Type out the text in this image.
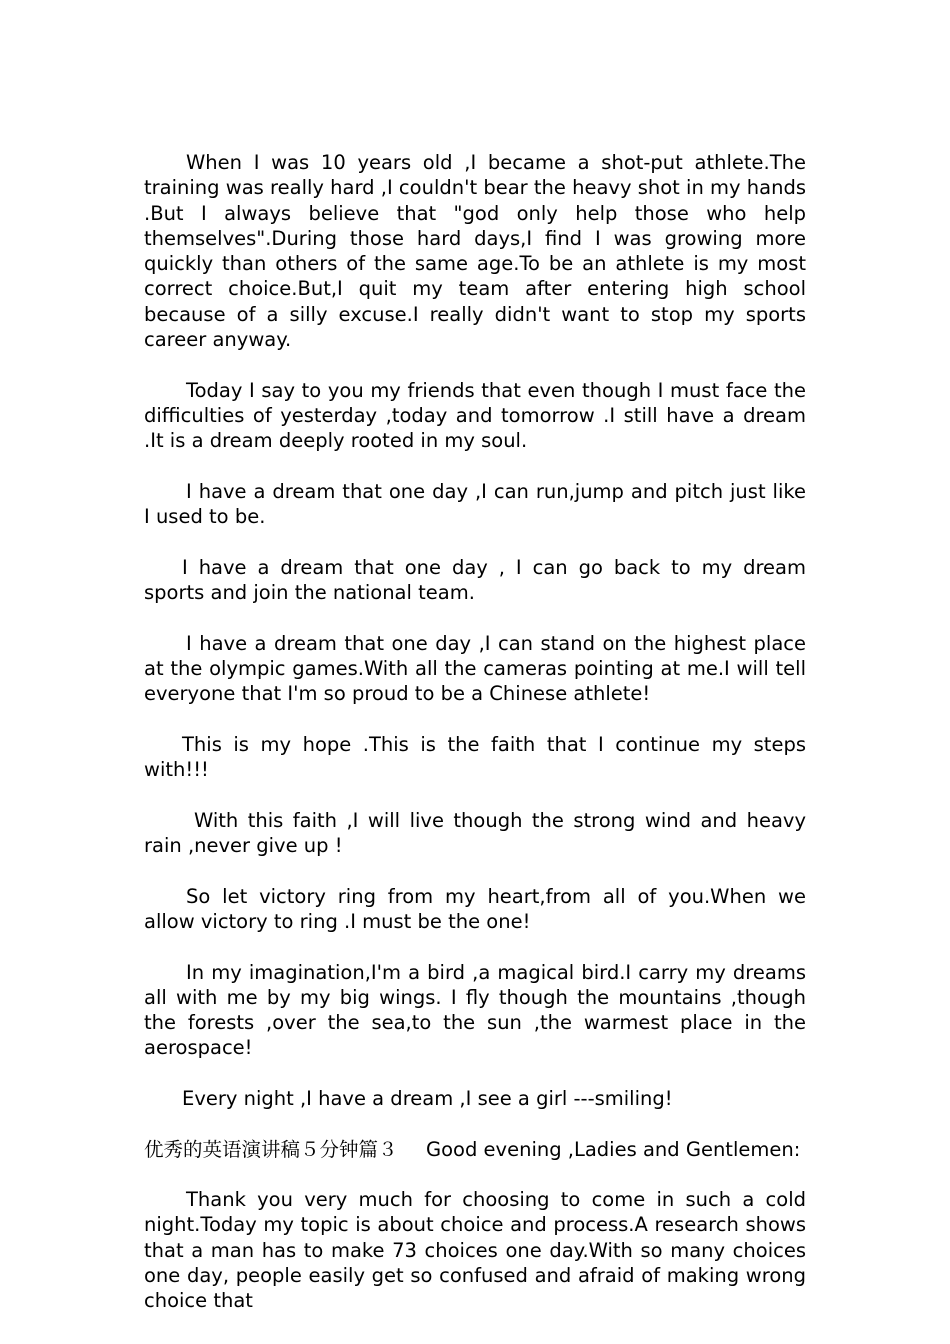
When I was 10 years old ,I became a shot-put athlete.The training was really hard ,I couldn't bear the heavy shot in my hands .But I always believe that "god only help those who help themselves".During those hard days,I find I was growing more quickly than others of the same age.To be an athlete is my most correct choice.But,I quit my team after entering high school because of a silly excuse.I really didn't want to stop my sports career anyway.

Today I say to you my friends that even though I must face the difficulties of yesterday ,today and tomorrow .I still have a dream .It is a dream deeply rooted in my soul.

I have a dream that one day ,I can run,jump and pitch just like I used to be.

I have a dream that one day , I can go back to my dream sports and join the national team.

I have a dream that one day ,I can stand on the highest place at the olympic games.With all the cameras pointing at me.I will tell everyone that I'm so proud to be a Chinese athlete!

This is my hope .This is the faith that I continue my steps with!!!

With this faith ,I will live though the strong wind and heavy rain ,never give up !

So let victory ring from my heart,from all of you.When we allow victory to ring .I must be the one!

In my imagination,I'm a bird ,a magical bird.I carry my dreams all with me by my big wings. I fly though the mountains ,though the forests ,over the sea,to the sun ,the warmest place in the aerospace!

Every night ,I have a dream ,I see a girl ---smiling!

优秀的英语演讲稿５分钟篇３ Good evening ,Ladies and Gentlemen:

Thank you very much for choosing to come in such a cold night.Today my topic is about choice and process.A research shows that a man has to make 73 choices one day.With so many choices one day, people easily get so confused and afraid of making wrong choice that
